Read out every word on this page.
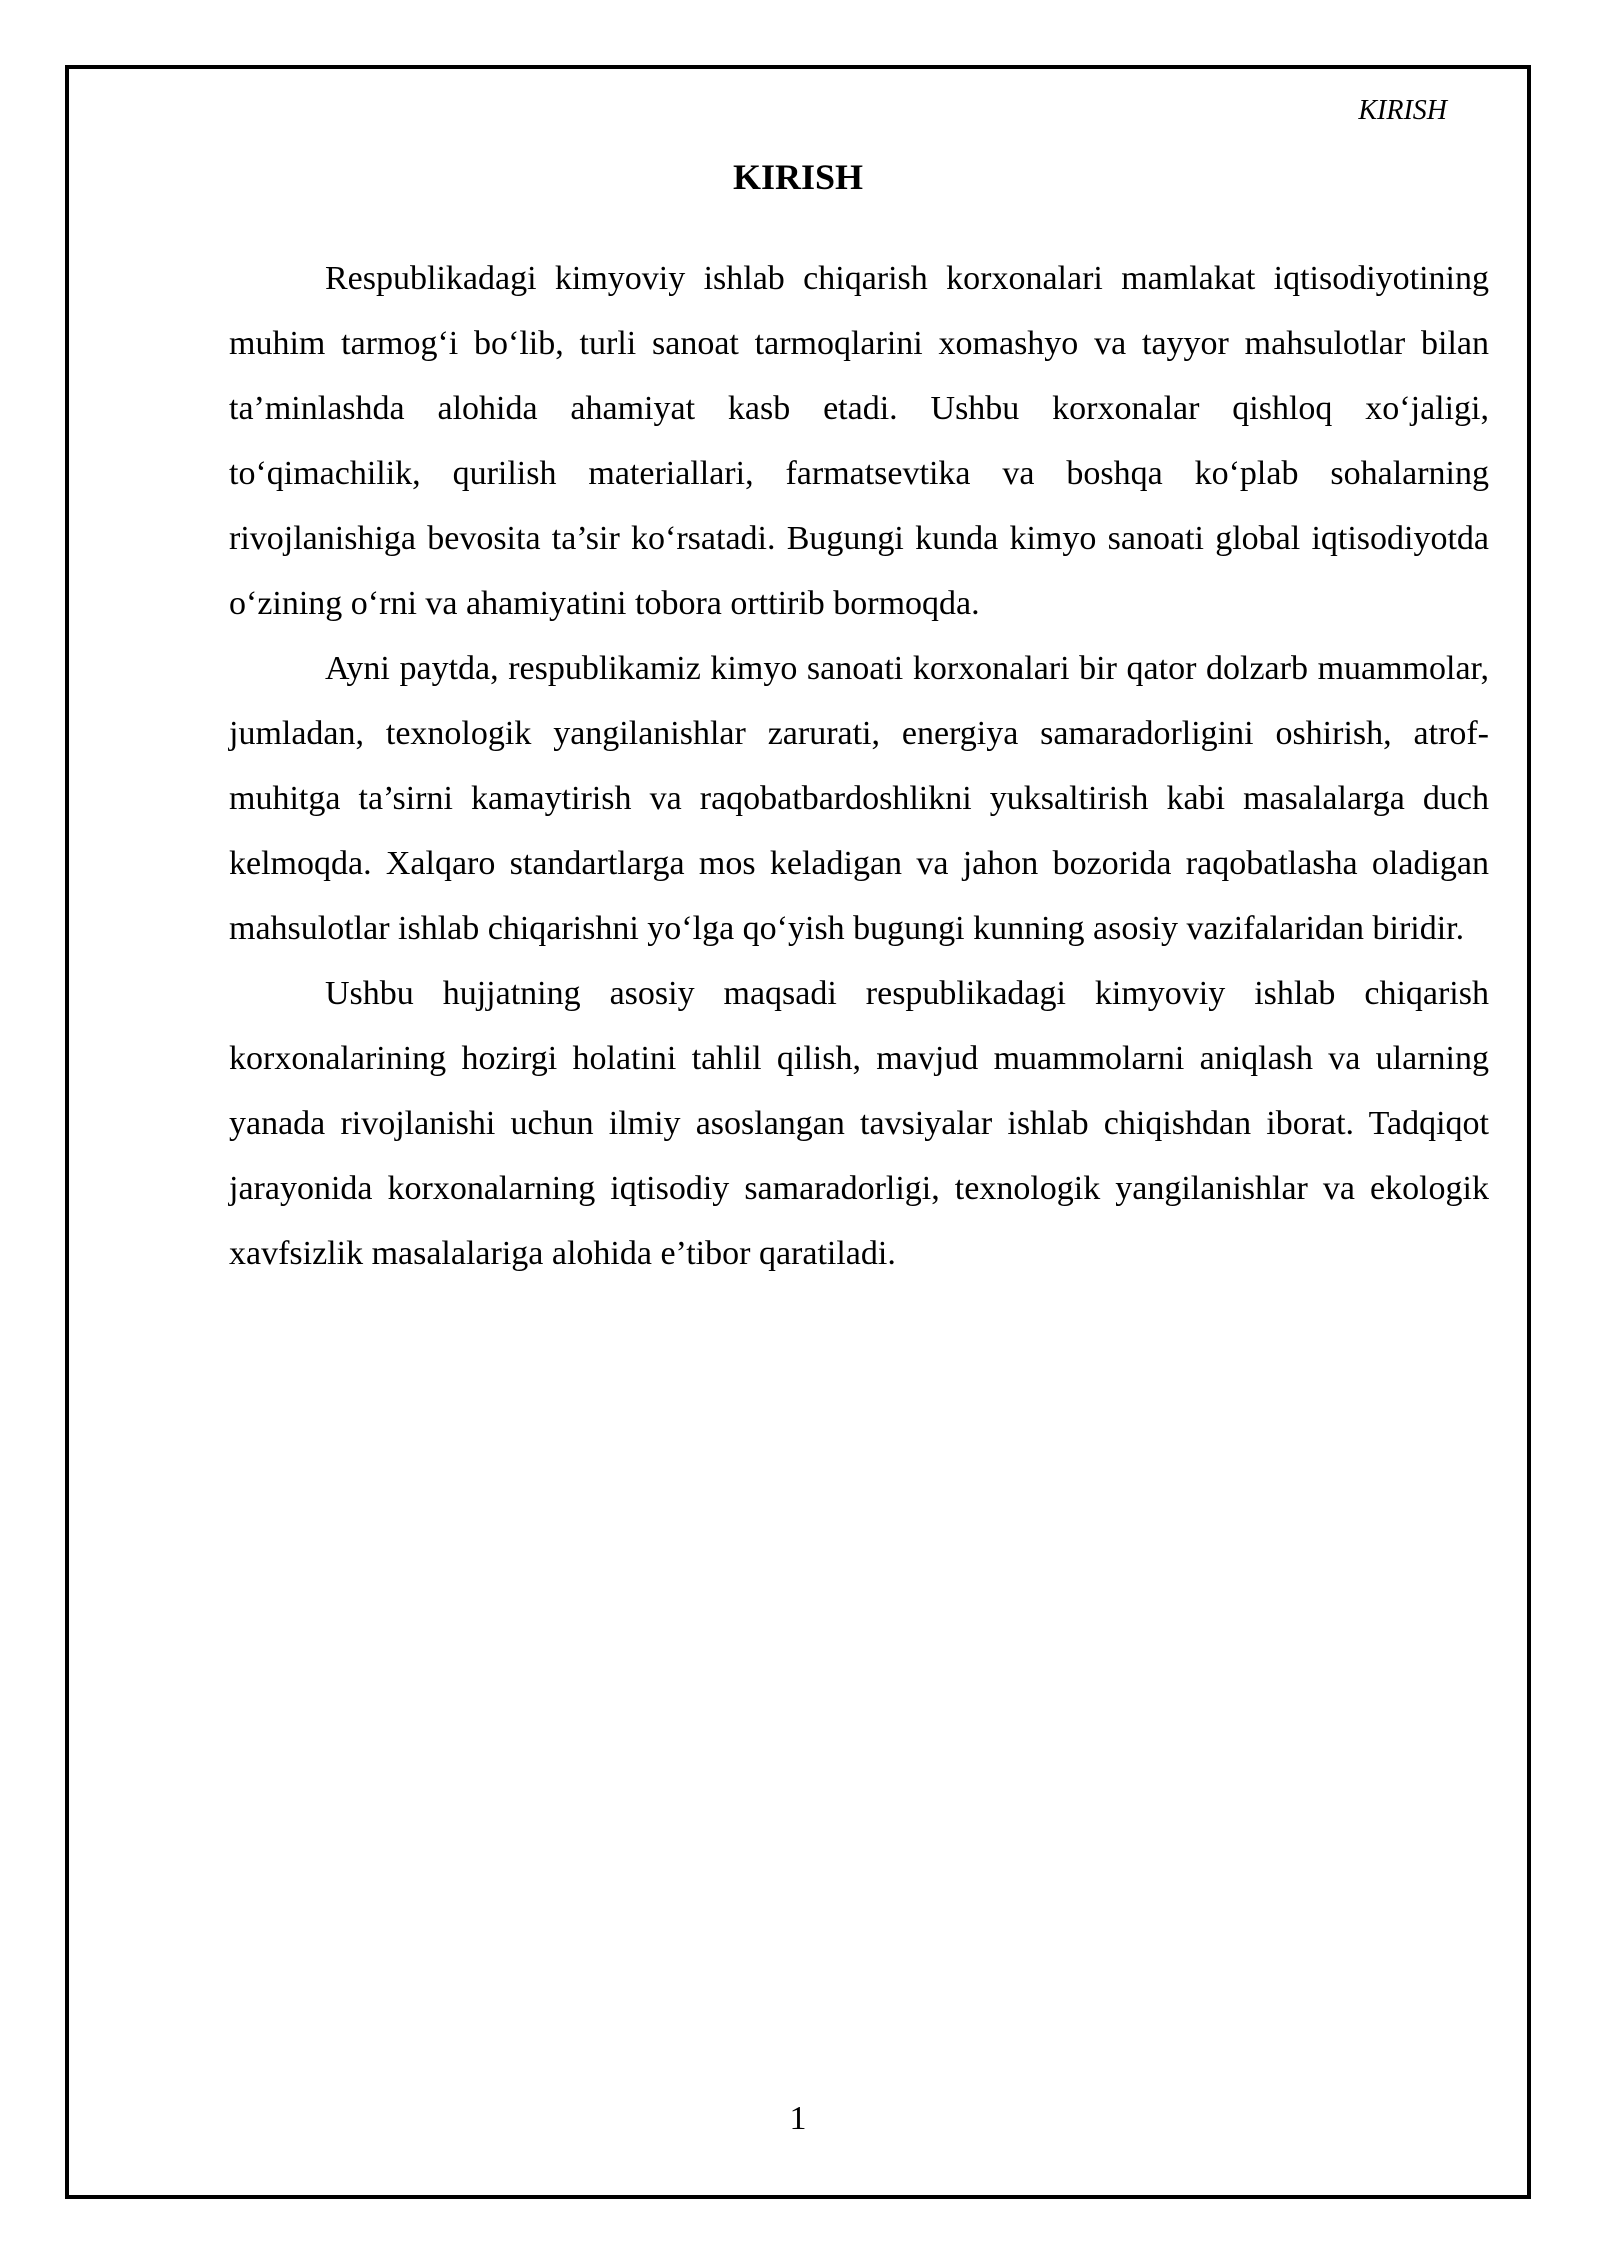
KIRISH
KIRISH

Respublikadagi kimyoviy ishlab chiqarish korxonalari mamlakat iqtisodiyotining muhim tarmog‘i bo‘lib, turli sanoat tarmoqlarini xomashyo va tayyor mahsulotlar bilan ta’minlashda alohida ahamiyat kasb etadi. Ushbu korxonalar qishloq xo‘jaligi, to‘qimachilik, qurilish materiallari, farmatsevtika va boshqa ko‘plab sohalarning rivojlanishiga bevosita ta’sir ko‘rsatadi. Bugungi kunda kimyo sanoati global iqtisodiyotda o‘zining o‘rni va ahamiyatini tobora orttirib bormoqda.

Ayni paytda, respublikamiz kimyo sanoati korxonalari bir qator dolzarb muammolar, jumladan, texnologik yangilanishlar zarurati, energiya samaradorligini oshirish, atrof-muhitga ta’sirni kamaytirish va raqobatbardoshlikni yuksaltirish kabi masalalarga duch kelmoqda. Xalqaro standartlarga mos keladigan va jahon bozorida raqobatlasha oladigan mahsulotlar ishlab chiqarishni yo‘lga qo‘yish bugungi kunning asosiy vazifalaridan biridir.

Ushbu hujjatning asosiy maqsadi respublikadagi kimyoviy ishlab chiqarish korxonalarining hozirgi holatini tahlil qilish, mavjud muammolarni aniqlash va ularning yanada rivojlanishi uchun ilmiy asoslangan tavsiyalar ishlab chiqishdan iborat. Tadqiqot jarayonida korxonalarning iqtisodiy samaradorligi, texnologik yangilanishlar va ekologik xavfsizlik masalalariga alohida e’tibor qaratiladi.

1
